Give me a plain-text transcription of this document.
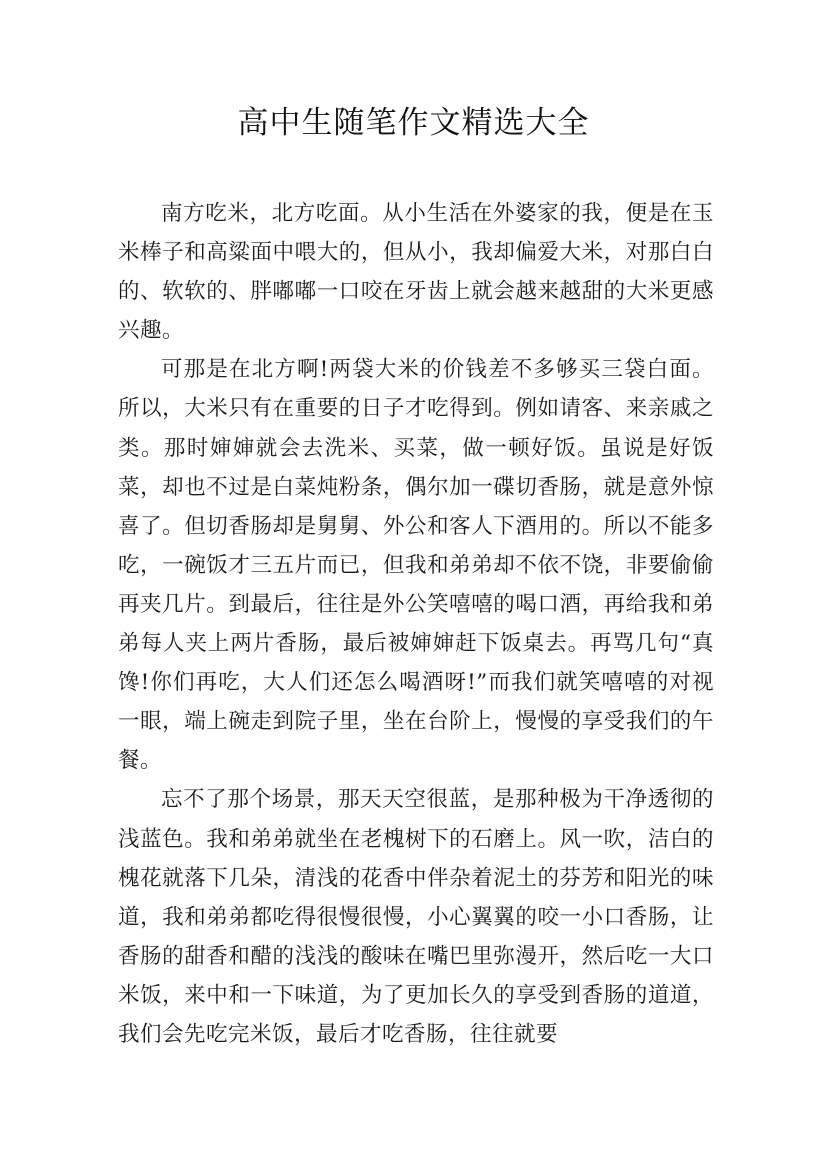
高中生随笔作文精选大全

南方吃米，北方吃面。从小生活在外婆家的我，便是在玉米棒子和高粱面中喂大的，但从小，我却偏爱大米，对那白白的、软软的、胖嘟嘟一口咬在牙齿上就会越来越甜的大米更感兴趣。

可那是在北方啊!两袋大米的价钱差不多够买三袋白面。所以，大米只有在重要的日子才吃得到。例如请客、来亲戚之类。那时婶婶就会去洗米、买菜，做一顿好饭。虽说是好饭菜，却也不过是白菜炖粉条，偶尔加一碟切香肠，就是意外惊喜了。但切香肠却是舅舅、外公和客人下酒用的。所以不能多吃，一碗饭才三五片而已，但我和弟弟却不依不饶，非要偷偷再夹几片。到最后，往往是外公笑嘻嘻的喝口酒，再给我和弟弟每人夹上两片香肠，最后被婶婶赶下饭桌去。再骂几句“真馋!你们再吃，大人们还怎么喝酒呀!”而我们就笑嘻嘻的对视一眼，端上碗走到院子里，坐在台阶上，慢慢的享受我们的午餐。

忘不了那个场景，那天天空很蓝，是那种极为干净透彻的浅蓝色。我和弟弟就坐在老槐树下的石磨上。风一吹，洁白的槐花就落下几朵，清浅的花香中伴杂着泥土的芬芳和阳光的味道，我和弟弟都吃得很慢很慢，小心翼翼的咬一小口香肠，让香肠的甜香和醋的浅浅的酸味在嘴巴里弥漫开，然后吃一大口米饭，来中和一下味道，为了更加长久的享受到香肠的道道，我们会先吃完米饭，最后才吃香肠，往往就要
